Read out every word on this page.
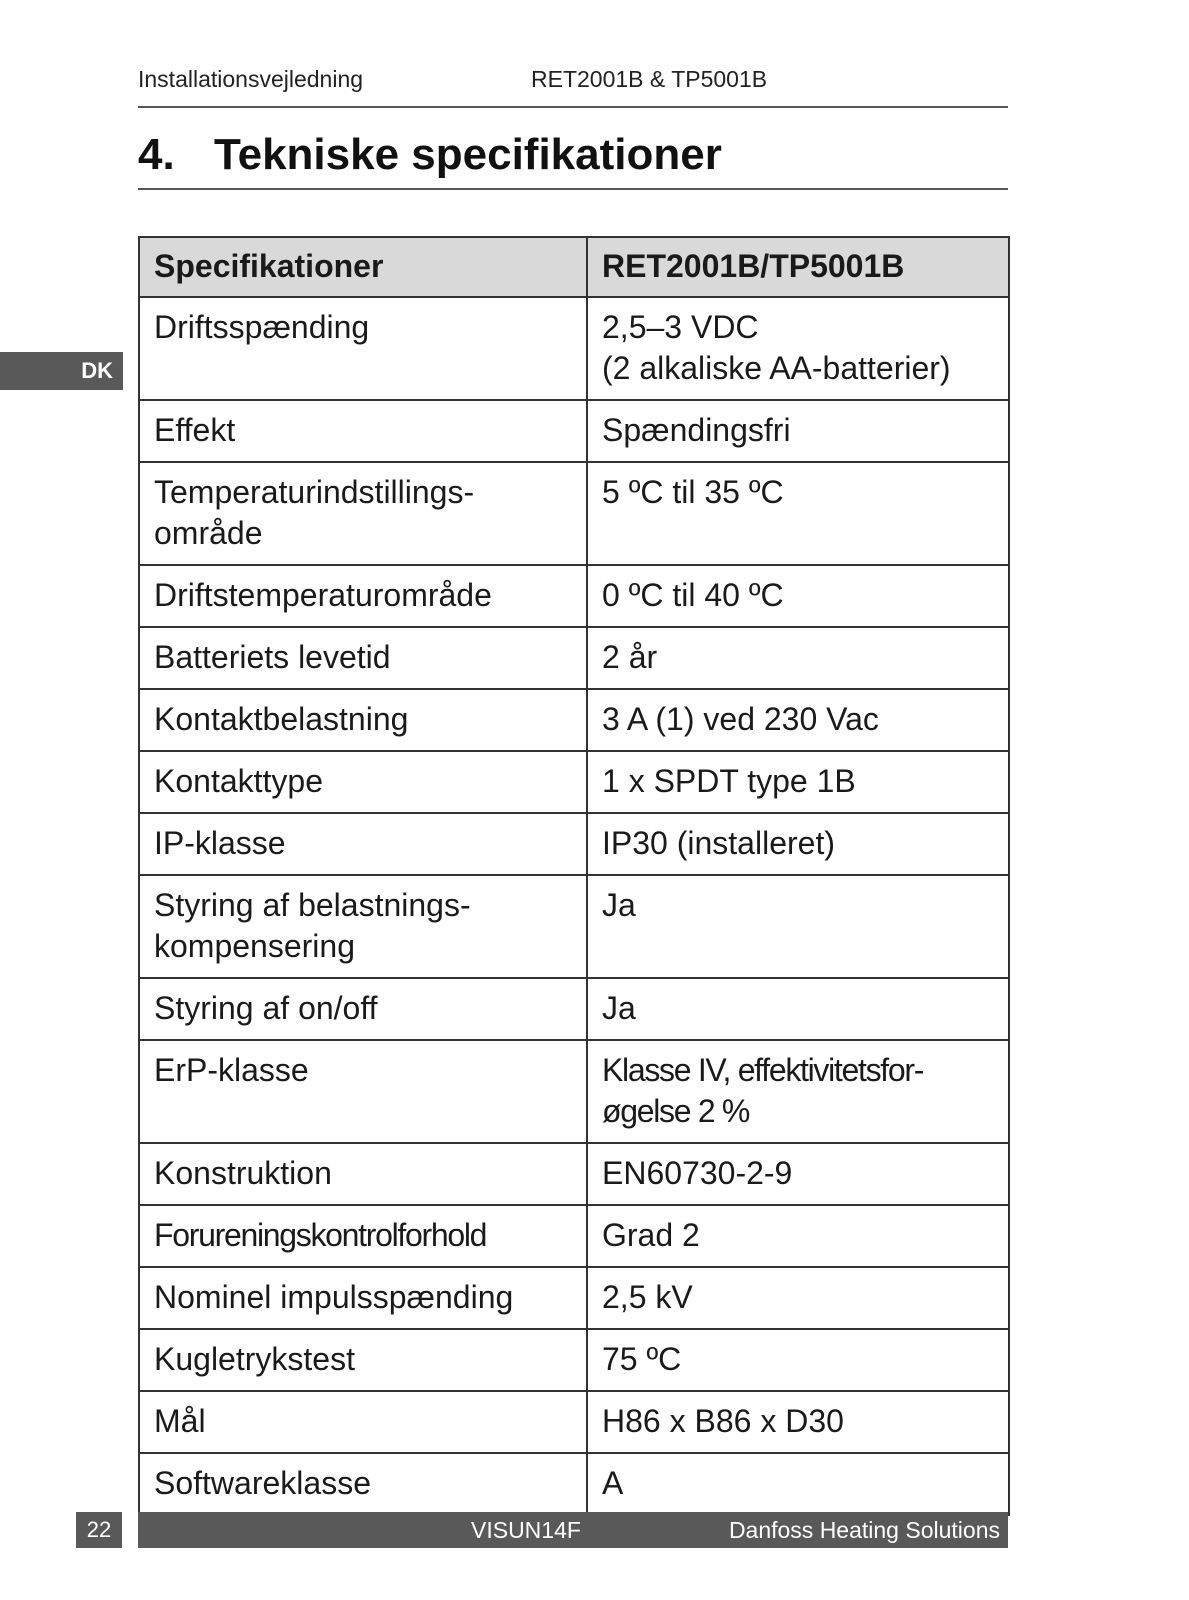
Installationsvejledning	RET2001B & TP5001B
4. Tekniske specifikationer
DK
Specifikationer	RET2001B/TP5001B
Driftsspænding	2,5–3 VDC
(2 alkaliske AA-batterier)
Effekt	Spændingsfri
Temperaturindstillings-
område	5 ºC til 35 ºC
Driftstemperaturområde	0 ºC til 40 ºC
Batteriets levetid	2 år
Kontaktbelastning	3 A (1) ved 230 Vac
Kontakttype	1 x SPDT type 1B
IP-klasse	IP30 (installeret)
Styring af belastnings-
kompensering	Ja
Styring af on/off	Ja
ErP-klasse	Klasse IV, effektivitetsfor-
øgelse 2 %
Konstruktion	EN60730-2-9
Forureningskontrolforhold	Grad 2
Nominel impulsspænding	2,5 kV
Kugletrykstest	75 ºC
Mål	H86 x B86 x D30
Softwareklasse	A
22	VISUN14F	Danfoss Heating Solutions
